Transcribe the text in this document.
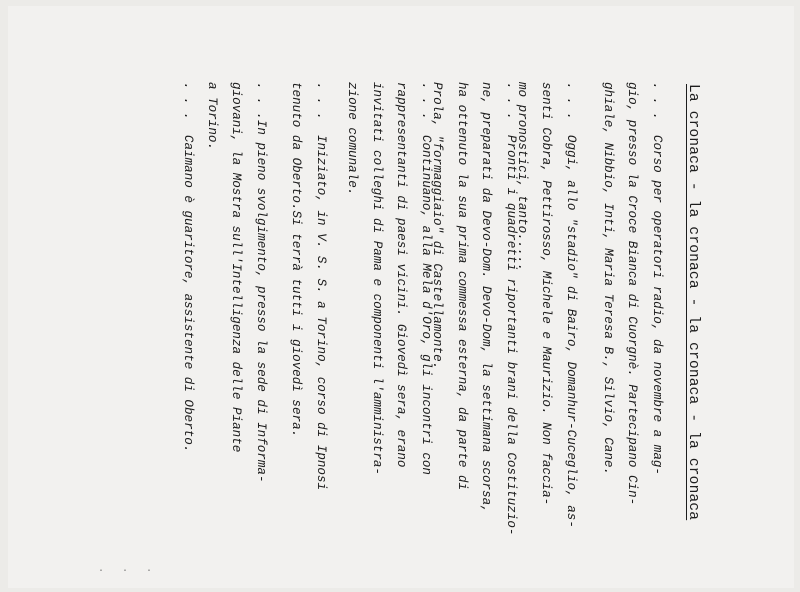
La cronaca - la cronaca - la cronaca - la cronaca
. . .  Corso per operatori radio, da novembre a mag-
gio, presso la Croce Bianca di Cuorgnè. Partecipano Cin-
ghiale, Nibbio, Inti, Maria Teresa B., Silvio, Cane.
. . .  Oggi, allo "stadio" di Bairo, Domanhur-Cuceglio, as-
senti Cobra, Pettirosso, Michele e Maurizio. Non faccia-
mo pronostici, tanto.....
. . .  Pronti i quadretti riportanti brani della Costituzio-
ne, preparati da Devo-Dom. Devo-Dom, la settimana scorsa,
ha ottenuto la sua prima commessa esterna, da parte di
Prola, "formaggiaio" di Castellamonte.
. . .  Continuano, alla Mela d'Oro, gli incontri con
rappresentanti di paesi vicini. Giovedì sera, erano
invitati colleghi di Pama e componenti l'amministra-
zione comunale.
. . .  Iniziato, in V. S. S. a Torino, corso di Ipnosi
tenuto da Oberto.Si terrà tutti i giovedì sera.
. . .In pieno svolgimento, presso la sede di Informa-
giovani, la Mostra sull'Intelligenza delle Piante
a Torino.
. . .  Caimano è guaritore, assistente di Oberto.
· · ·
